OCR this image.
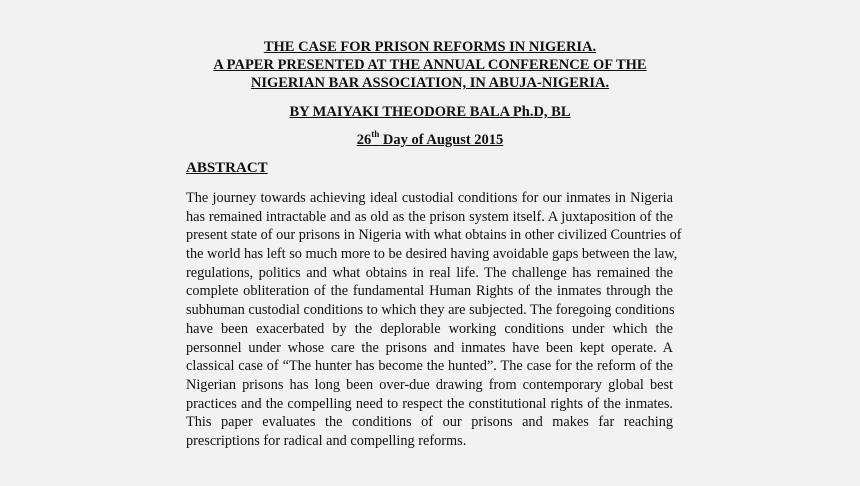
THE CASE FOR PRISON REFORMS IN NIGERIA.
A PAPER PRESENTED AT THE ANNUAL CONFERENCE OF THE
NIGERIAN BAR ASSOCIATION, IN ABUJA-NIGERIA.
BY MAIYAKI THEODORE BALA Ph.D, BL
26th Day of August 2015
ABSTRACT
The journey towards achieving ideal custodial conditions for our inmates in Nigeria
has remained intractable and as old as the prison system itself. A juxtaposition of the
present state of our prisons in Nigeria with what obtains in other civilized Countries of
the world has left so much more to be desired having avoidable gaps between the law,
regulations, politics and what obtains in real life. The challenge has remained the
complete obliteration of the fundamental Human Rights of the inmates through the
subhuman custodial conditions to which they are subjected. The foregoing conditions
have been exacerbated by the deplorable working conditions under which the
personnel under whose care the prisons and inmates have been kept operate. A
classical case of “The hunter has become the hunted”. The case for the reform of the
Nigerian prisons has long been over-due drawing from contemporary global best
practices and the compelling need to respect the constitutional rights of the inmates.
This paper evaluates the conditions of our prisons and makes far reaching
prescriptions for radical and compelling reforms.
